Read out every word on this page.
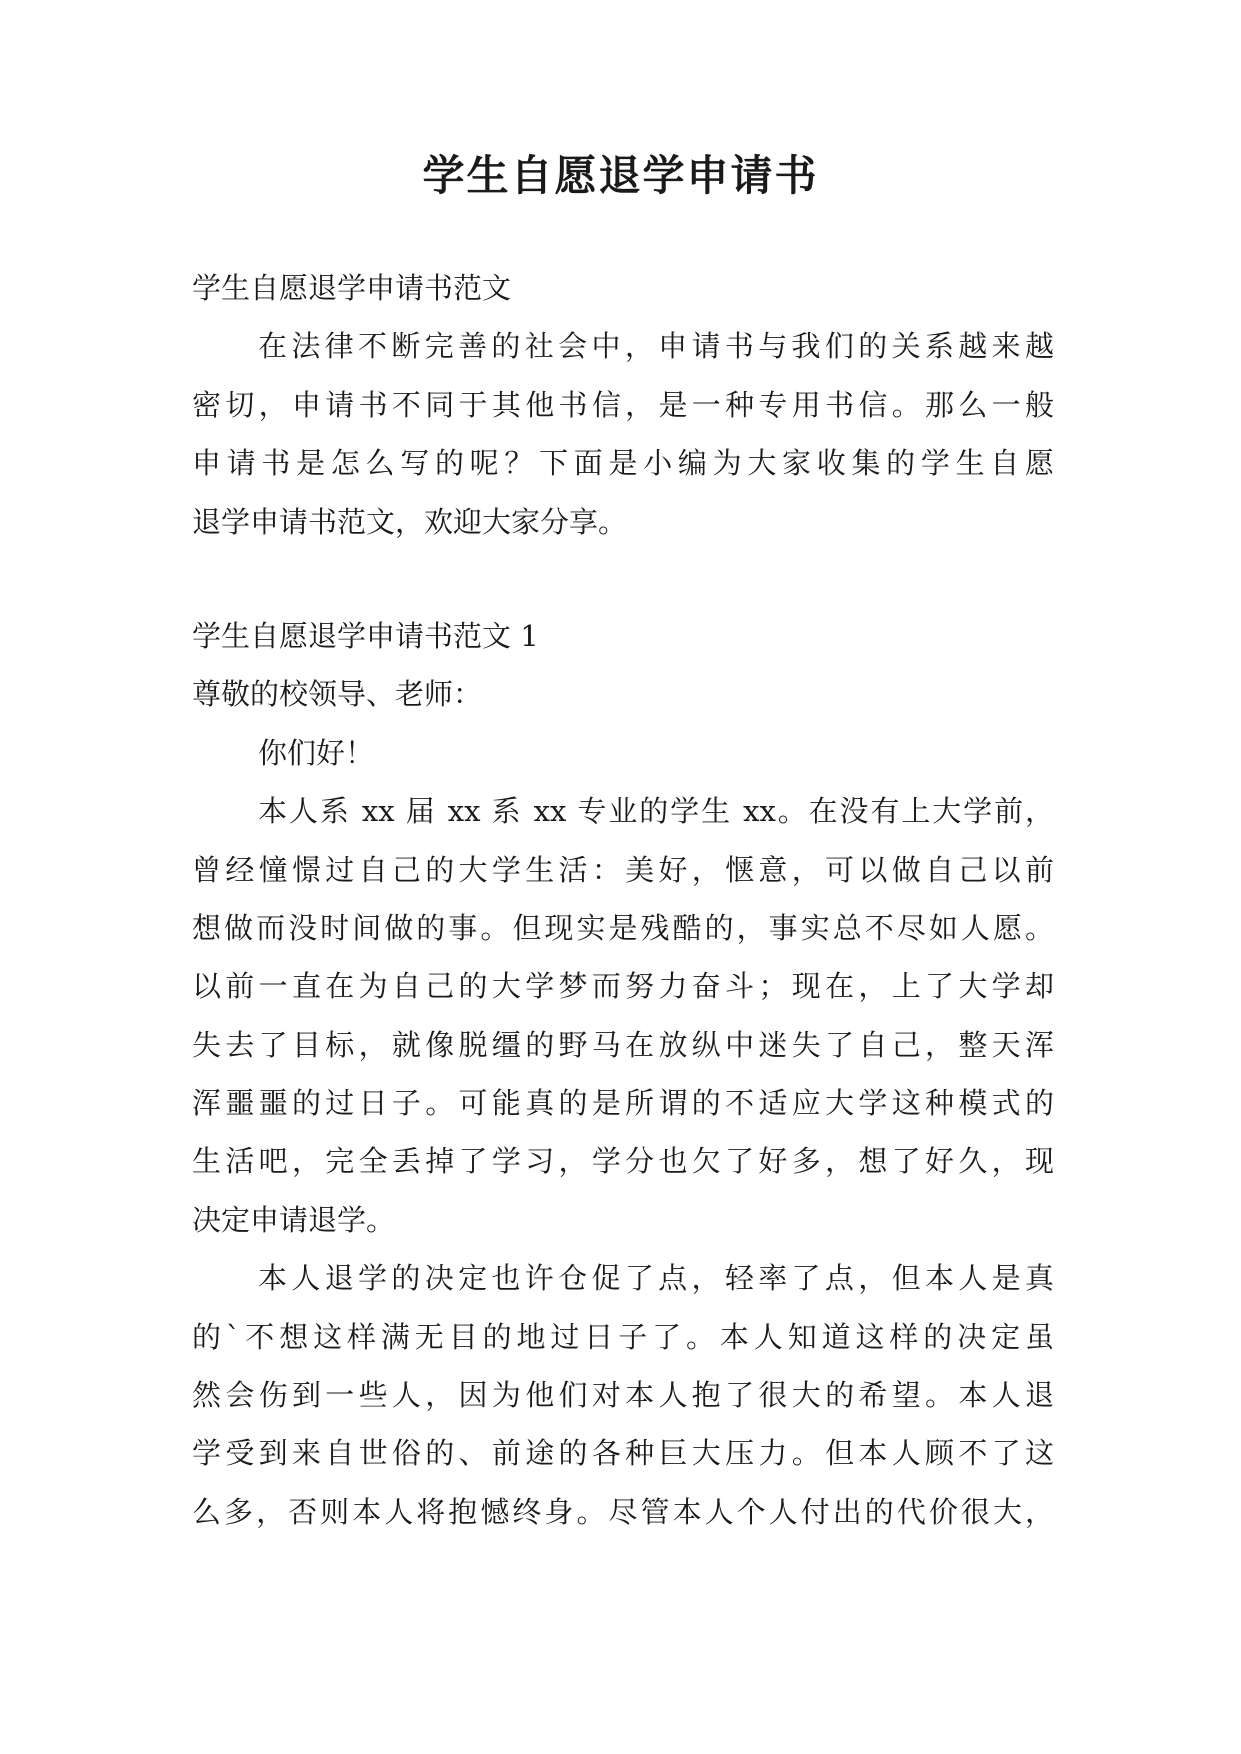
学生自愿退学申请书
学生自愿退学申请书范文
在法律不断完善的社会中，申请书与我们的关系越来越
密切，申请书不同于其他书信，是一种专用书信。那么一般
申请书是怎么写的呢？下面是小编为大家收集的学生自愿
退学申请书范文，欢迎大家分享。
学生自愿退学申请书范文 1
尊敬的校领导、老师：
你们好！
本人系 xx 届 xx 系 xx 专业的学生 xx。在没有上大学前，
曾经憧憬过自己的大学生活：美好，惬意，可以做自己以前
想做而没时间做的事。但现实是残酷的，事实总不尽如人愿。
以前一直在为自己的大学梦而努力奋斗；现在，上了大学却
失去了目标，就像脱缰的野马在放纵中迷失了自己，整天浑
浑噩噩的过日子。可能真的是所谓的不适应大学这种模式的
生活吧，完全丢掉了学习，学分也欠了好多，想了好久，现
决定申请退学。
本人退学的决定也许仓促了点，轻率了点，但本人是真
的`不想这样满无目的地过日子了。本人知道这样的决定虽
然会伤到一些人，因为他们对本人抱了很大的希望。本人退
学受到来自世俗的、前途的各种巨大压力。但本人顾不了这
么多，否则本人将抱憾终身。尽管本人个人付出的代价很大，
